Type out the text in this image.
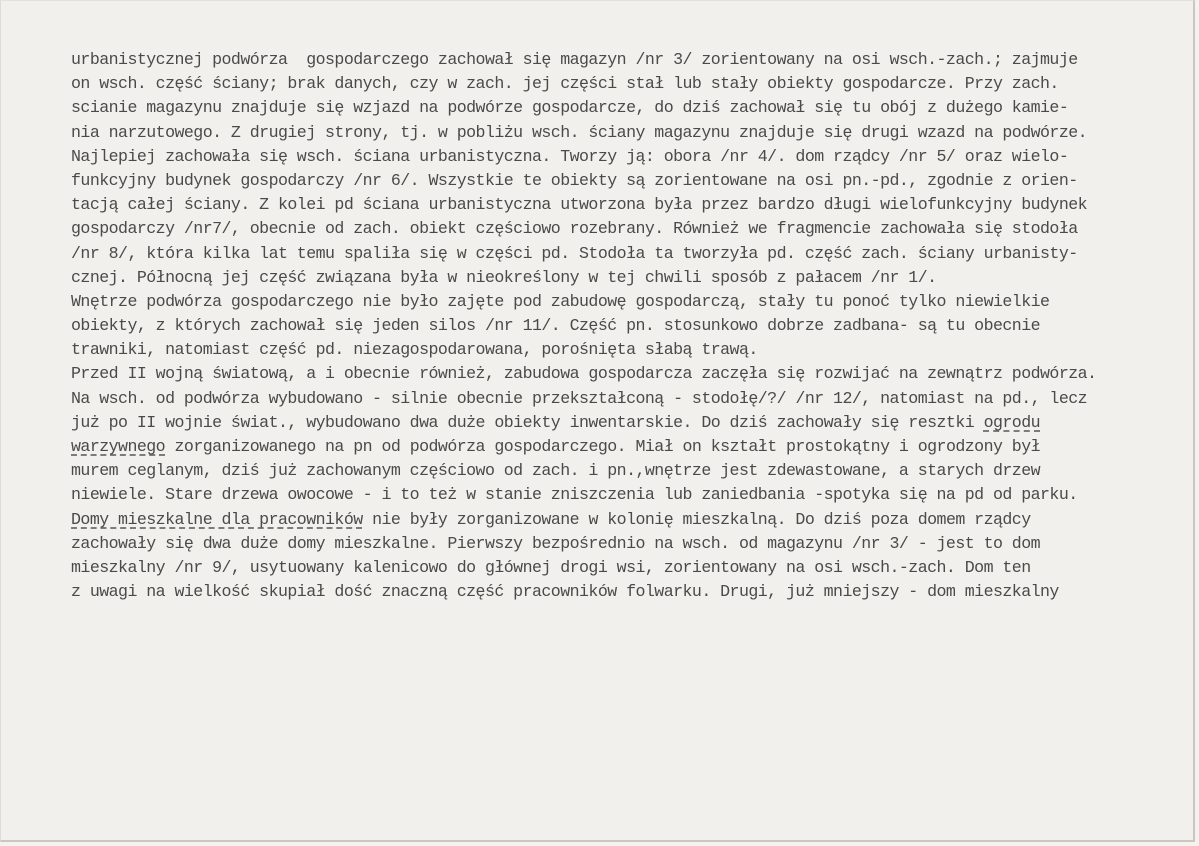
urbanistycznej podwórza  gospodarczego zachował się magazyn /nr 3/ zorientowany na osi wsch.-zach.; zajmuje
on wsch. część ściany; brak danych, czy w zach. jej części stał lub stały obiekty gospodarcze. Przy zach.
scianie magazynu znajduje się wzjazd na podwórze gospodarcze, do dziś zachował się tu obój z dużego kamie-
nia narzutowego. Z drugiej strony, tj. w pobliżu wsch. ściany magazynu znajduje się drugi wzazd na podwórze.
Najlepiej zachowała się wsch. ściana urbanistyczna. Tworzy ją: obora /nr 4/. dom rządcy /nr 5/ oraz wielo-
funkcyjny budynek gospodarczy /nr 6/. Wszystkie te obiekty są zorientowane na osi pn.-pd., zgodnie z orien-
tacją całej ściany. Z kolei pd ściana urbanistyczna utworzona była przez bardzo długi wielofunkcyjny budynek
gospodarczy /nr7/, obecnie od zach. obiekt częściowo rozebrany. Również we fragmencie zachowała się stodoła
/nr 8/, która kilka lat temu spaliła się w części pd. Stodoła ta tworzyła pd. część zach. ściany urbanisty-
cznej. Północną jej część związana była w nieokreślony w tej chwili sposób z pałacem /nr 1/.
Wnętrze podwórza gospodarczego nie było zajęte pod zabudowę gospodarczą, stały tu ponoć tylko niewielkie
obiekty, z których zachował się jeden silos /nr 11/. Część pn. stosunkowo dobrze zadbana- są tu obecnie
trawniki, natomiast część pd. niezagospodarowana, porośnięta słabą trawą.
Przed II wojną światową, a i obecnie również, zabudowa gospodarcza zaczęła się rozwijać na zewnątrz podwórza.
Na wsch. od podwórza wybudowano - silnie obecnie przekształconą - stodołę/?/ /nr 12/, natomiast na pd., lecz
już po II wojnie świat., wybudowano dwa duże obiekty inwentarskie. Do dziś zachowały się resztki ogrodu
warzywnego zorganizowanego na pn od podwórza gospodarczego. Miał on kształt prostokątny i ogrodzony był
murem ceglanym, dziś już zachowanym częściowo od zach. i pn.,wnętrze jest zdewastowane, a starych drzew
niewiele. Stare drzewa owocowe - i to też w stanie zniszczenia lub zaniedbania -spotyka się na pd od parku.
Domy mieszkalne dla pracowników nie były zorganizowane w kolonię mieszkalną. Do dziś poza domem rządcy
zachowały się dwa duże domy mieszkalne. Pierwszy bezpośrednio na wsch. od magazynu /nr 3/ - jest to dom
mieszkalny /nr 9/, usytuowany kalenicowo do głównej drogi wsi, zorientowany na osi wsch.-zach. Dom ten
z uwagi na wielkość skupiał dość znaczną część pracowników folwarku. Drugi, już mniejszy - dom mieszkalny
